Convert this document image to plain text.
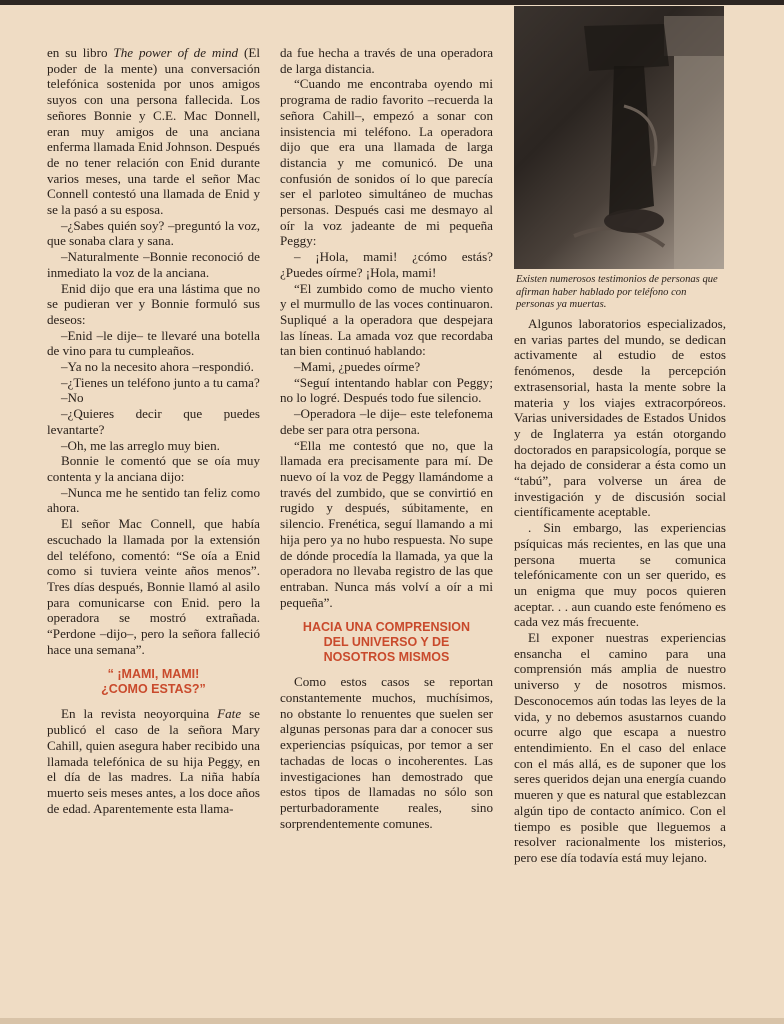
en su libro The power of de mind (El poder de la mente) una conversación telefónica sostenida por unos amigos suyos con una persona fallecida. Los señores Bonnie y C.E. Mac Donnell, eran muy amigos de una anciana enferma llamada Enid Johnson. Después de no tener relación con Enid durante varios meses, una tarde el señor Mac Connell contestó una llamada de Enid y se la pasó a su esposa.

–¿Sabes quién soy? –preguntó la voz, que sonaba clara y sana.

–Naturalmente –Bonnie reconoció de inmediato la voz de la anciana.

Enid dijo que era una lástima que no se pudieran ver y Bonnie formuló sus deseos:

–Enid –le dije– te llevaré una botella de vino para tu cumpleaños.

–Ya no la necesito ahora –respondió.

–¿Tienes un teléfono junto a tu cama?

–No

–¿Quieres decir que puedes levantarte?

–Oh, me las arreglo muy bien.

Bonnie le comentó que se oía muy contenta y la anciana dijo:

–Nunca me he sentido tan feliz como ahora.

El señor Mac Connell, que había escuchado la llamada por la extensión del teléfono, comentó: “Se oía a Enid como si tuviera veinte años menos”. Tres días después, Bonnie llamó al asilo para comunicarse con Enid. pero la operadora se mostró extrañada. “Perdone –dijo–, pero la señora falleció hace una semana”.

“ ¡MAMI, MAMI!
¿COMO ESTAS?”

En la revista neoyorquina Fate se publicó el caso de la señora Mary Cahill, quien asegura haber recibido una llamada telefónica de su hija Peggy, en el día de las madres. La niña había muerto seis meses antes, a los doce años de edad. Aparentemente esta llama-

da fue hecha a través de una operadora de larga distancia.

“Cuando me encontraba oyendo mi programa de radio favorito –recuerda la señora Cahill–, empezó a sonar con insistencia mi teléfono. La operadora dijo que era una llamada de larga distancia y me comunicó. De una confusión de sonidos oí lo que parecía ser el parloteo simultáneo de muchas personas. Después casi me desmayo al oír la voz jadeante de mi pequeña Peggy:

– ¡Hola, mami! ¿cómo estás? ¿Puedes oírme? ¡Hola, mami!

“El zumbido como de mucho viento y el murmullo de las voces continuaron. Supliqué a la operadora que despejara las líneas. La amada voz que recordaba tan bien continuó hablando:

–Mami, ¿puedes oírme?

“Seguí intentando hablar con Peggy; no lo logré. Después todo fue silencio.

–Operadora –le dije– este telefonema debe ser para otra persona.

“Ella me contestó que no, que la llamada era precisamente para mí. De nuevo oí la voz de Peggy llamándome a través del zumbido, que se convirtió en rugido y después, súbitamente, en silencio. Frenética, seguí llamando a mi hija pero ya no hubo respuesta. No supe de dónde procedía la llamada, ya que la operadora no llevaba registro de las que entraban. Nunca más volví a oír a mi pequeña”.

HACIA UNA COMPRENSION
DEL UNIVERSO Y DE
NOSOTROS MISMOS

Como estos casos se reportan constantemente muchos, muchísimos, no obstante lo renuentes que suelen ser algunas personas para dar a conocer sus experiencias psíquicas, por temor a ser tachadas de locas o incoherentes. Las investigaciones han demostrado que estos tipos de llamadas no sólo son perturbadoramente reales, sino sorprendentemente comunes.

Existen numerosos testimonios de personas que afirman haber hablado por teléfono con personas ya muertas.

Algunos laboratorios especializados, en varias partes del mundo, se dedican activamente al estudio de estos fenómenos, desde la percepción extrasensorial, hasta la mente sobre la materia y los viajes extracorpóreos. Varias universidades de Estados Unidos y de Inglaterra ya están otorgando doctorados en parapsicología, porque se ha dejado de considerar a ésta como un “tabú”, para volverse un área de investigación y de discusión social científicamente aceptable.

. Sin embargo, las experiencias psíquicas más recientes, en las que una persona muerta se comunica telefónicamente con un ser querido, es un enigma que muy pocos quieren aceptar. . . aun cuando este fenómeno es cada vez más frecuente.

El exponer nuestras experiencias ensancha el camino para una comprensión más amplia de nuestro universo y de nosotros mismos. Desconocemos aún todas las leyes de la vida, y no debemos asustarnos cuando ocurre algo que escapa a nuestro entendimiento. En el caso del enlace con el más allá, es de suponer que los seres queridos dejan una energía cuando mueren y que es natural que establezcan algún tipo de contacto anímico. Con el tiempo es posible que lleguemos a resolver racionalmente los misterios, pero ese día todavía está muy lejano.
